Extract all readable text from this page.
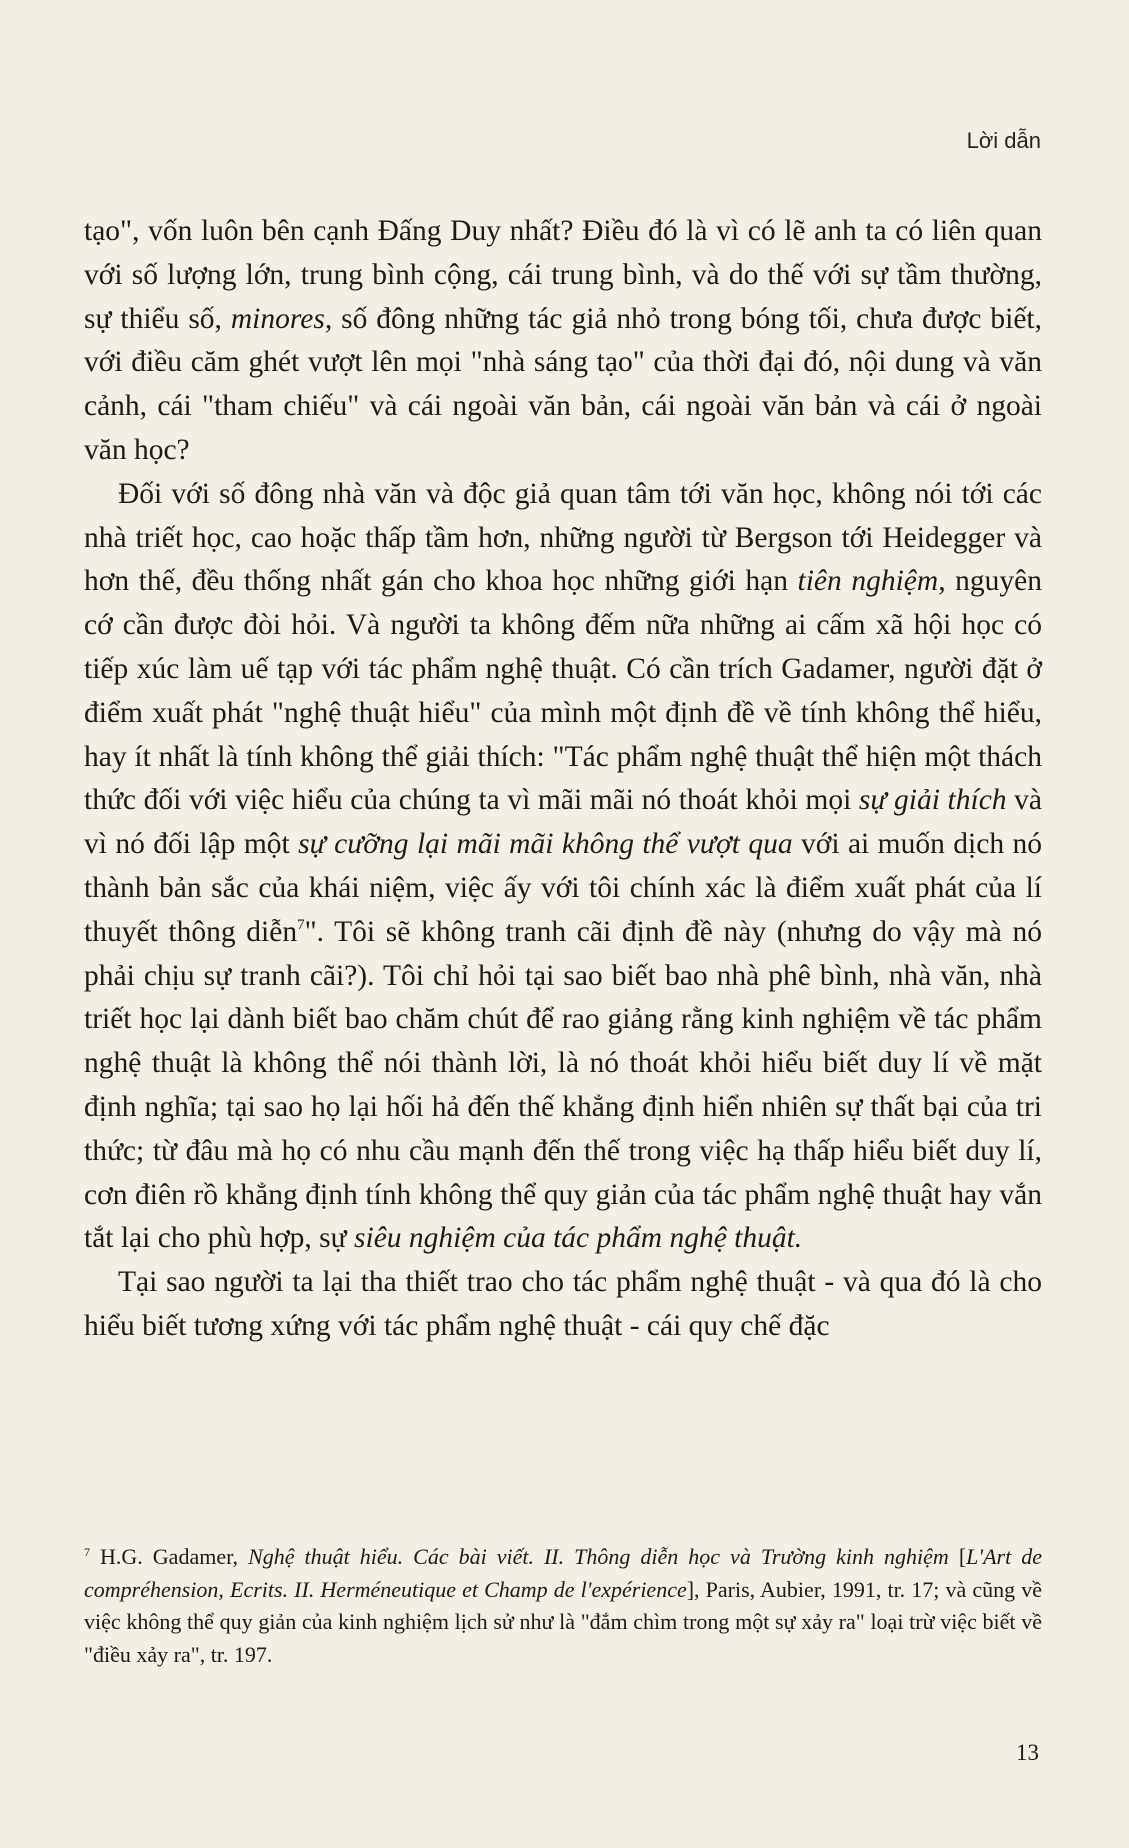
Lời dẫn

tạo", vốn luôn bên cạnh Đấng Duy nhất? Điều đó là vì có lẽ anh ta có liên quan với số lượng lớn, trung bình cộng, cái trung bình, và do thế với sự tầm thường, sự thiểu số, minores, số đông những tác giả nhỏ trong bóng tối, chưa được biết, với điều căm ghét vượt lên mọi "nhà sáng tạo" của thời đại đó, nội dung và văn cảnh, cái "tham chiếu" và cái ngoài văn bản, cái ngoài văn bản và cái ở ngoài văn học?

Đối với số đông nhà văn và độc giả quan tâm tới văn học, không nói tới các nhà triết học, cao hoặc thấp tầm hơn, những người từ Bergson tới Heidegger và hơn thế, đều thống nhất gán cho khoa học những giới hạn tiên nghiệm, nguyên cớ cần được đòi hỏi. Và người ta không đếm nữa những ai cấm xã hội học có tiếp xúc làm uế tạp với tác phẩm nghệ thuật. Có cần trích Gadamer, người đặt ở điểm xuất phát "nghệ thuật hiểu" của mình một định đề về tính không thể hiểu, hay ít nhất là tính không thể giải thích: "Tác phẩm nghệ thuật thể hiện một thách thức đối với việc hiểu của chúng ta vì mãi mãi nó thoát khỏi mọi sự giải thích và vì nó đối lập một sự cưỡng lại mãi mãi không thể vượt qua với ai muốn dịch nó thành bản sắc của khái niệm, việc ấy với tôi chính xác là điểm xuất phát của lí thuyết thông diễn$^7$". Tôi sẽ không tranh cãi định đề này (nhưng do vậy mà nó phải chịu sự tranh cãi?). Tôi chỉ hỏi tại sao biết bao nhà phê bình, nhà văn, nhà triết học lại dành biết bao chăm chút để rao giảng rằng kinh nghiệm về tác phẩm nghệ thuật là không thể nói thành lời, là nó thoát khỏi hiểu biết duy lí về mặt định nghĩa; tại sao họ lại hối hả đến thế khẳng định hiển nhiên sự thất bại của tri thức; từ đâu mà họ có nhu cầu mạnh đến thế trong việc hạ thấp hiểu biết duy lí, cơn điên rồ khẳng định tính không thể quy giản của tác phẩm nghệ thuật hay vắn tắt lại cho phù hợp, sự siêu nghiệm của tác phẩm nghệ thuật.

Tại sao người ta lại tha thiết trao cho tác phẩm nghệ thuật - và qua đó là cho hiểu biết tương xứng với tác phẩm nghệ thuật - cái quy chế đặc

$^7$ H.G. Gadamer, Nghệ thuật hiểu. Các bài viết. II. Thông diễn học và Trường kinh nghiệm [L'Art de compréhension, Ecrits. II. Herméneutique et Champ de l'expérience], Paris, Aubier, 1991, tr. 17; và cũng về việc không thể quy giản của kinh nghiệm lịch sử như là "đắm chìm trong một sự xảy ra" loại trừ việc biết về "điều xảy ra", tr. 197.
13
